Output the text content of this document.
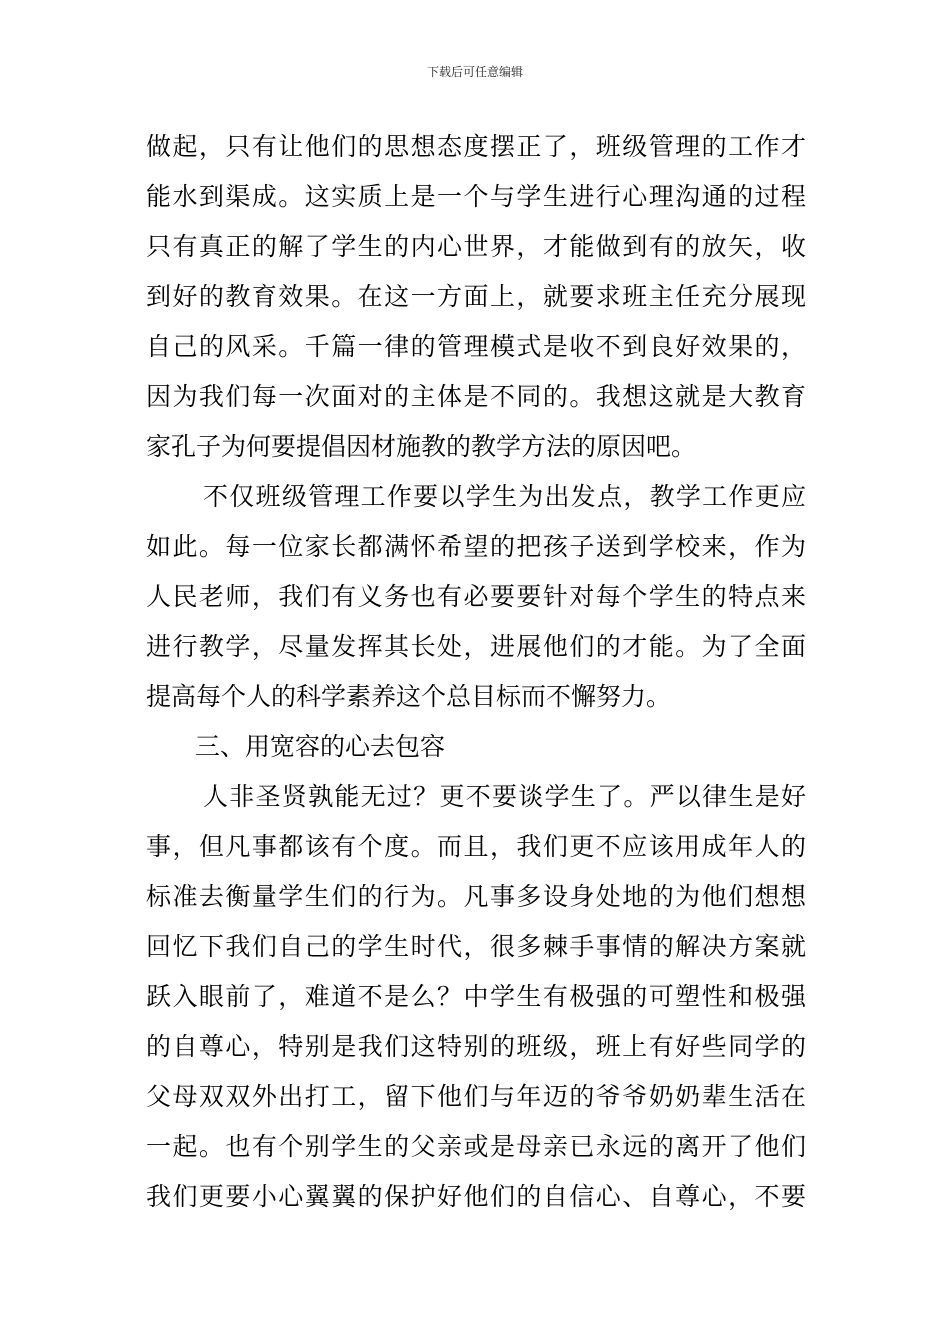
下载后可任意编辑
做起，只有让他们的思想态度摆正了，班级管理的工作才
能水到渠成。这实质上是一个与学生进行心理沟通的过程
只有真正的解了学生的内心世界，才能做到有的放矢，收
到好的教育效果。在这一方面上，就要求班主任充分展现
自己的风采。千篇一律的管理模式是收不到良好效果的，
因为我们每一次面对的主体是不同的。我想这就是大教育
家孔子为何要提倡因材施教的教学方法的原因吧。
不仅班级管理工作要以学生为出发点，教学工作更应
如此。每一位家长都满怀希望的把孩子送到学校来，作为
人民老师，我们有义务也有必要要针对每个学生的特点来
进行教学，尽量发挥其长处，进展他们的才能。为了全面
提高每个人的科学素养这个总目标而不懈努力。
三、用宽容的心去包容
人非圣贤孰能无过？更不要谈学生了。严以律生是好
事，但凡事都该有个度。而且，我们更不应该用成年人的
标准去衡量学生们的行为。凡事多设身处地的为他们想想
回忆下我们自己的学生时代，很多棘手事情的解决方案就
跃入眼前了，难道不是么？中学生有极强的可塑性和极强
的自尊心，特别是我们这特别的班级，班上有好些同学的
父母双双外出打工，留下他们与年迈的爷爷奶奶辈生活在
一起。也有个别学生的父亲或是母亲已永远的离开了他们
我们更要小心翼翼的保护好他们的自信心、自尊心，不要
